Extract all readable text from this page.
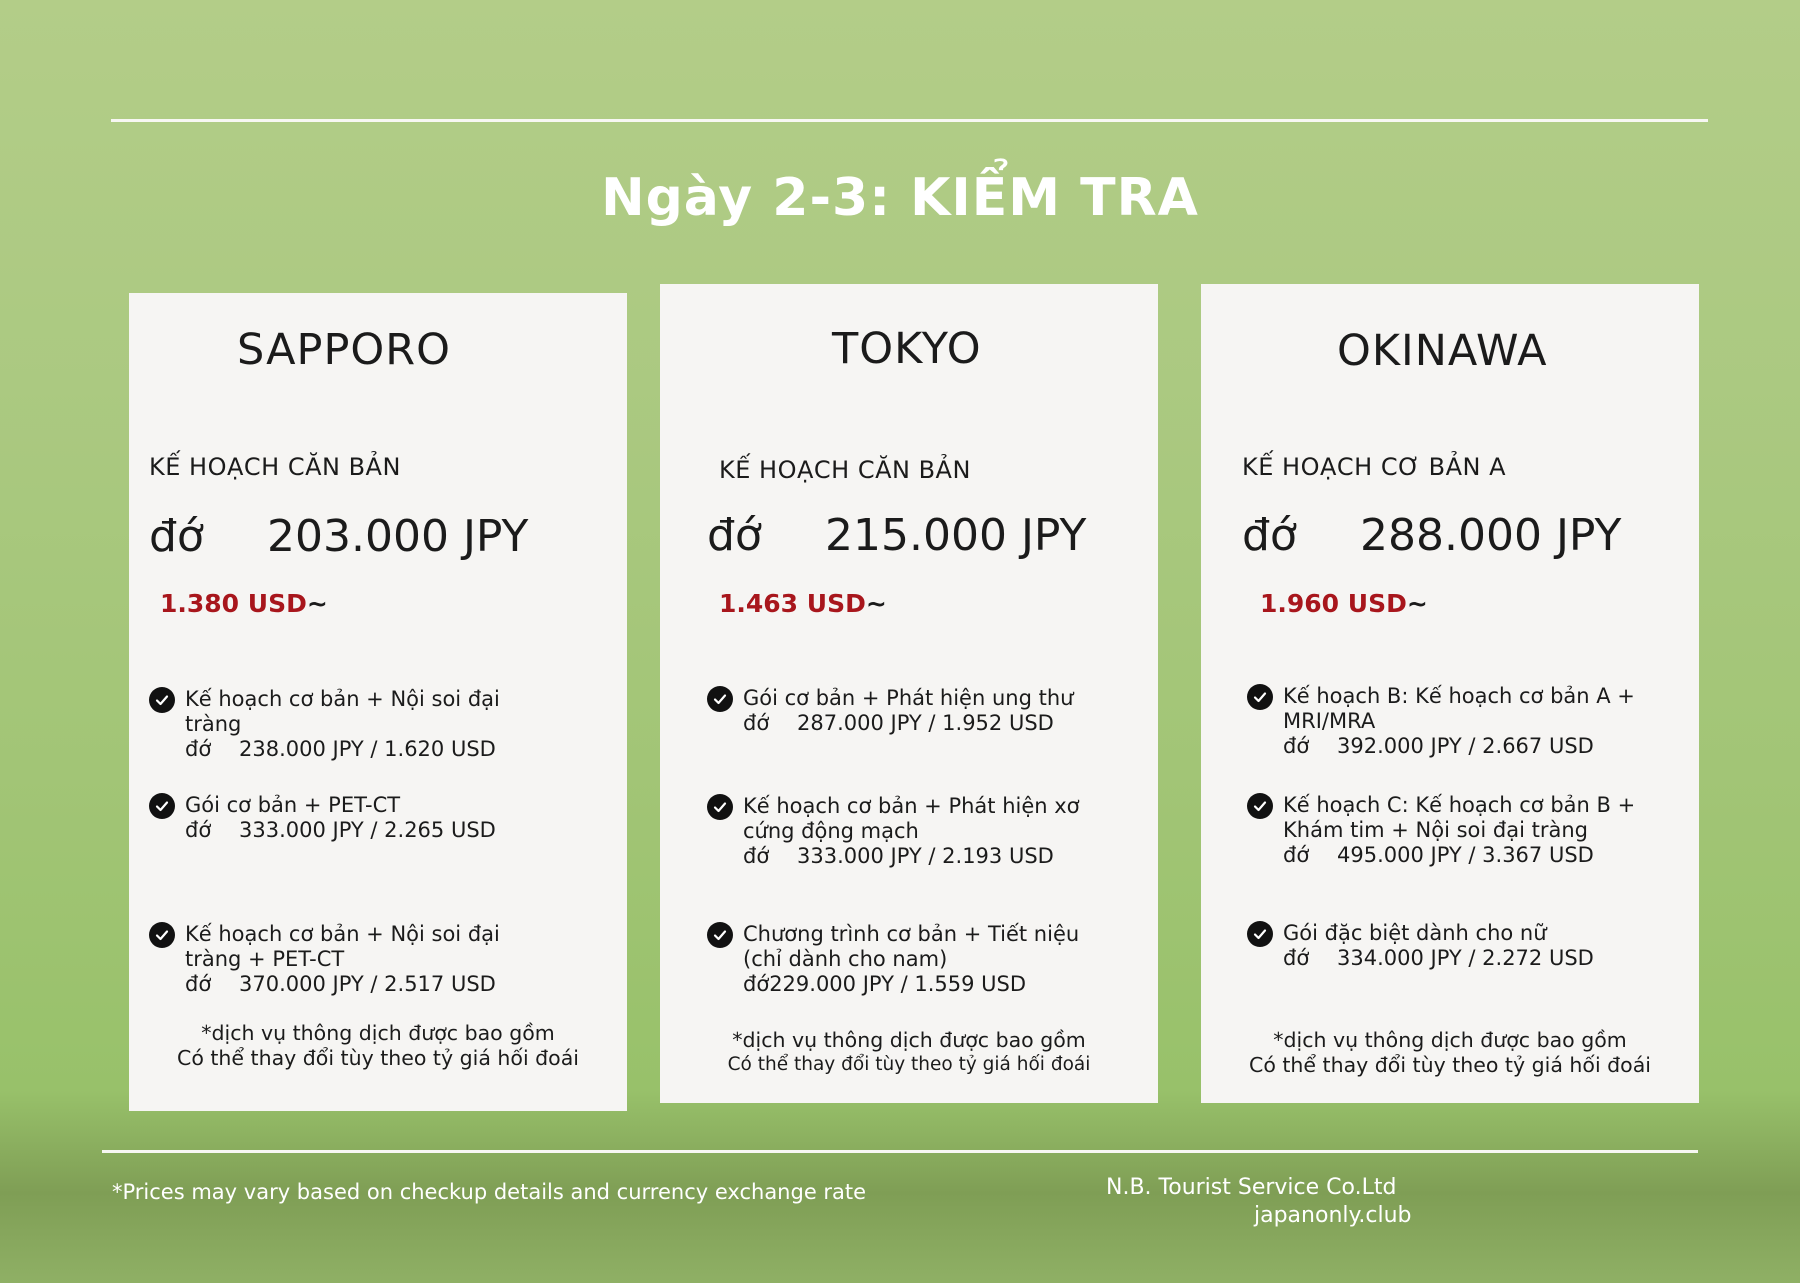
Ngày 2-3: KIỂM TRA
SAPPORO
KẾ HOẠCH CĂN BẢN
đớ 203.000 JPY
1.380 USD~
Kế hoạch cơ bản + Nội soi đại
tràng
đớ 238.000 JPY / 1.620 USD
Gói cơ bản + PET-CT
đớ 333.000 JPY / 2.265 USD
Kế hoạch cơ bản + Nội soi đại
tràng + PET-CT
đớ 370.000 JPY / 2.517 USD
*dịch vụ thông dịch được bao gồm
Có thể thay đổi tùy theo tỷ giá hối đoái
TOKYO
KẾ HOẠCH CĂN BẢN
đớ 215.000 JPY
1.463 USD~
Gói cơ bản + Phát hiện ung thư
đớ 287.000 JPY / 1.952 USD
Kế hoạch cơ bản + Phát hiện xơ
cứng động mạch
đớ 333.000 JPY / 2.193 USD
Chương trình cơ bản + Tiết niệu
(chỉ dành cho nam)
đớ229.000 JPY / 1.559 USD
*dịch vụ thông dịch được bao gồm
Có thể thay đổi tùy theo tỷ giá hối đoái
OKINAWA
KẾ HOẠCH CƠ BẢN A
đớ 288.000 JPY
1.960 USD~
Kế hoạch B: Kế hoạch cơ bản A +
MRI/MRA
đớ 392.000 JPY / 2.667 USD
Kế hoạch C: Kế hoạch cơ bản B +
Khám tim + Nội soi đại tràng
đớ 495.000 JPY / 3.367 USD
Gói đặc biệt dành cho nữ
đớ 334.000 JPY / 2.272 USD
*dịch vụ thông dịch được bao gồm
Có thể thay đổi tùy theo tỷ giá hối đoái
*Prices may vary based on checkup details and currency exchange rate	N.B. Tourist Service Co.Ltd
japanonly.club
